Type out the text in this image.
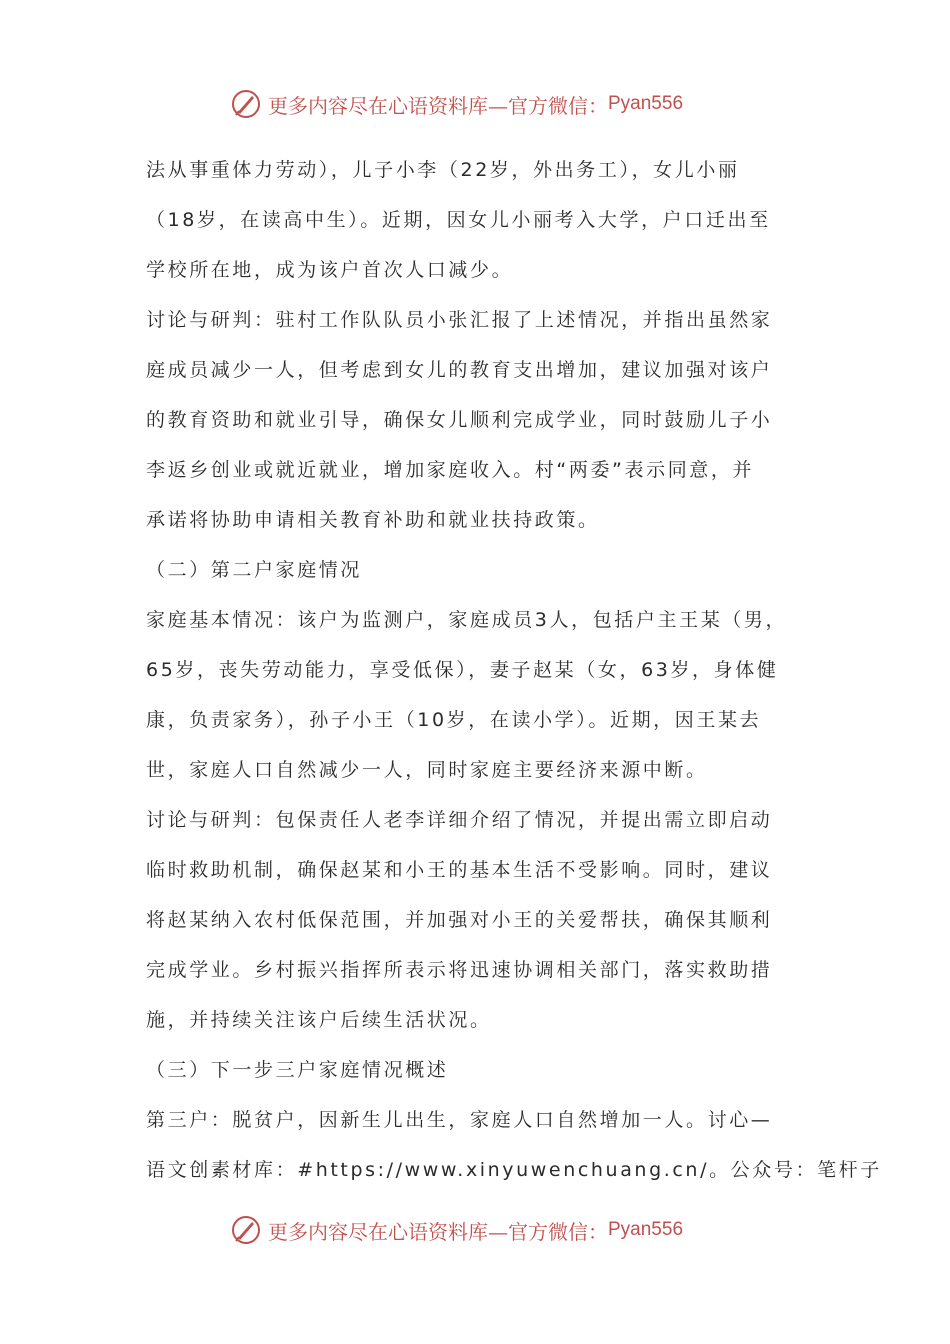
更多内容尽在心语资料库—官方微信： Pyan556
法从事重体力劳动），儿子小李（22岁，外出务工），女儿小丽
（18岁，在读高中生）。近期，因女儿小丽考入大学，户口迁出至
学校所在地，成为该户首次人口减少。
讨论与研判：驻村工作队队员小张汇报了上述情况，并指出虽然家
庭成员减少一人，但考虑到女儿的教育支出增加，建议加强对该户
的教育资助和就业引导，确保女儿顺利完成学业，同时鼓励儿子小
李返乡创业或就近就业，增加家庭收入。村“两委”表示同意，并
承诺将协助申请相关教育补助和就业扶持政策。
（二）第二户家庭情况
家庭基本情况：该户为监测户，家庭成员3人，包括户主王某（男，
65岁，丧失劳动能力，享受低保），妻子赵某（女，63岁，身体健
康，负责家务），孙子小王（10岁，在读小学）。近期，因王某去
世，家庭人口自然减少一人，同时家庭主要经济来源中断。
讨论与研判：包保责任人老李详细介绍了情况，并提出需立即启动
临时救助机制，确保赵某和小王的基本生活不受影响。同时，建议
将赵某纳入农村低保范围，并加强对小王的关爱帮扶，确保其顺利
完成学业。乡村振兴指挥所表示将迅速协调相关部门，落实救助措
施，并持续关注该户后续生活状况。
（三）下一步三户家庭情况概述
第三户：脱贫户，因新生儿出生，家庭人口自然增加一人。讨心—
语文创素材库：#https://www.xinyuwenchuang.cn/。公众号：笔杆子
更多内容尽在心语资料库—官方微信： Pyan556
